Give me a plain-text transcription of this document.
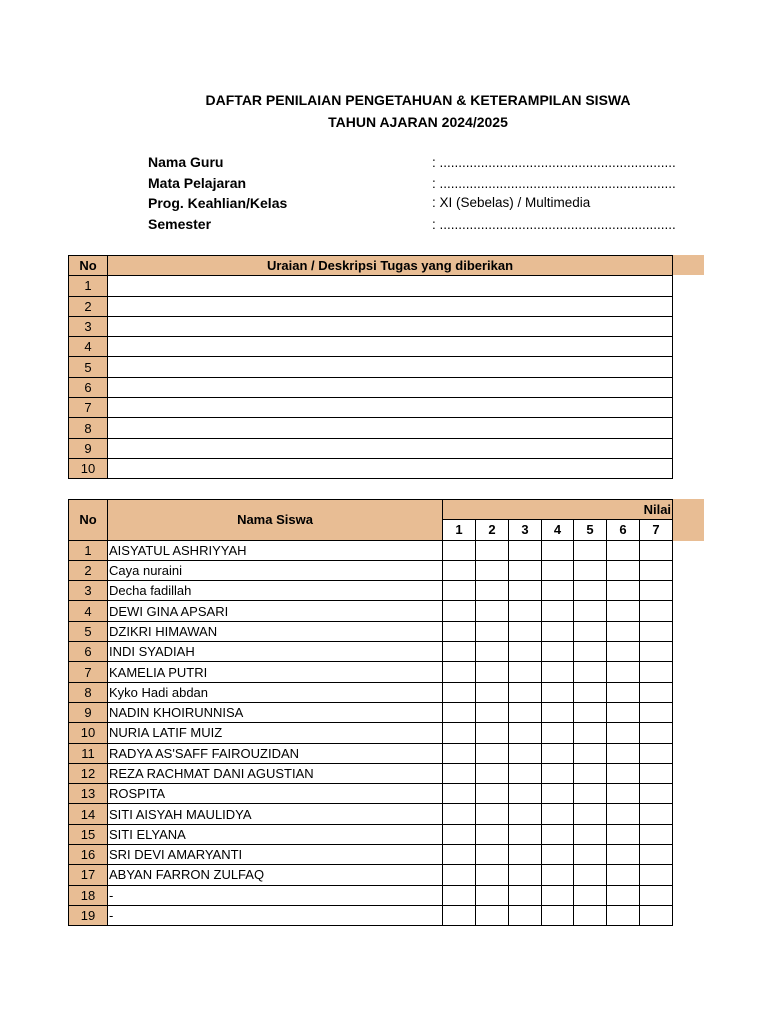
DAFTAR PENILAIAN PENGETAHUAN & KETERAMPILAN SISWA
TAHUN AJARAN 2024/2025
Nama Guru	: ...............................................................
Mata Pelajaran	: ...............................................................
Prog. Keahlian/Kelas	: XI (Sebelas) / Multimedia
Semester	: ...............................................................
No	Uraian / Deskripsi Tugas yang diberikan
1	
2	
3	
4	
5	
6	
7	
8	
9	
10	
No	Nama Siswa	Nilai						
		1	2	3	4	5	6	7
1	AISYATUL ASHRIYYAH							
2	Caya nuraini							
3	Decha fadillah							
4	DEWI GINA APSARI							
5	DZIKRI HIMAWAN							
6	INDI SYADIAH							
7	KAMELIA PUTRI							
8	Kyko Hadi abdan							
9	NADIN KHOIRUNNISA							
10	NURIA LATIF MUIZ							
11	RADYA AS'SAFF FAIROUZIDAN							
12	REZA RACHMAT DANI AGUSTIAN							
13	ROSPITA							
14	SITI AISYAH MAULIDYA							
15	SITI ELYANA							
16	SRI DEVI AMARYANTI							
17	ABYAN FARRON ZULFAQ							
18	-							
19	-							
